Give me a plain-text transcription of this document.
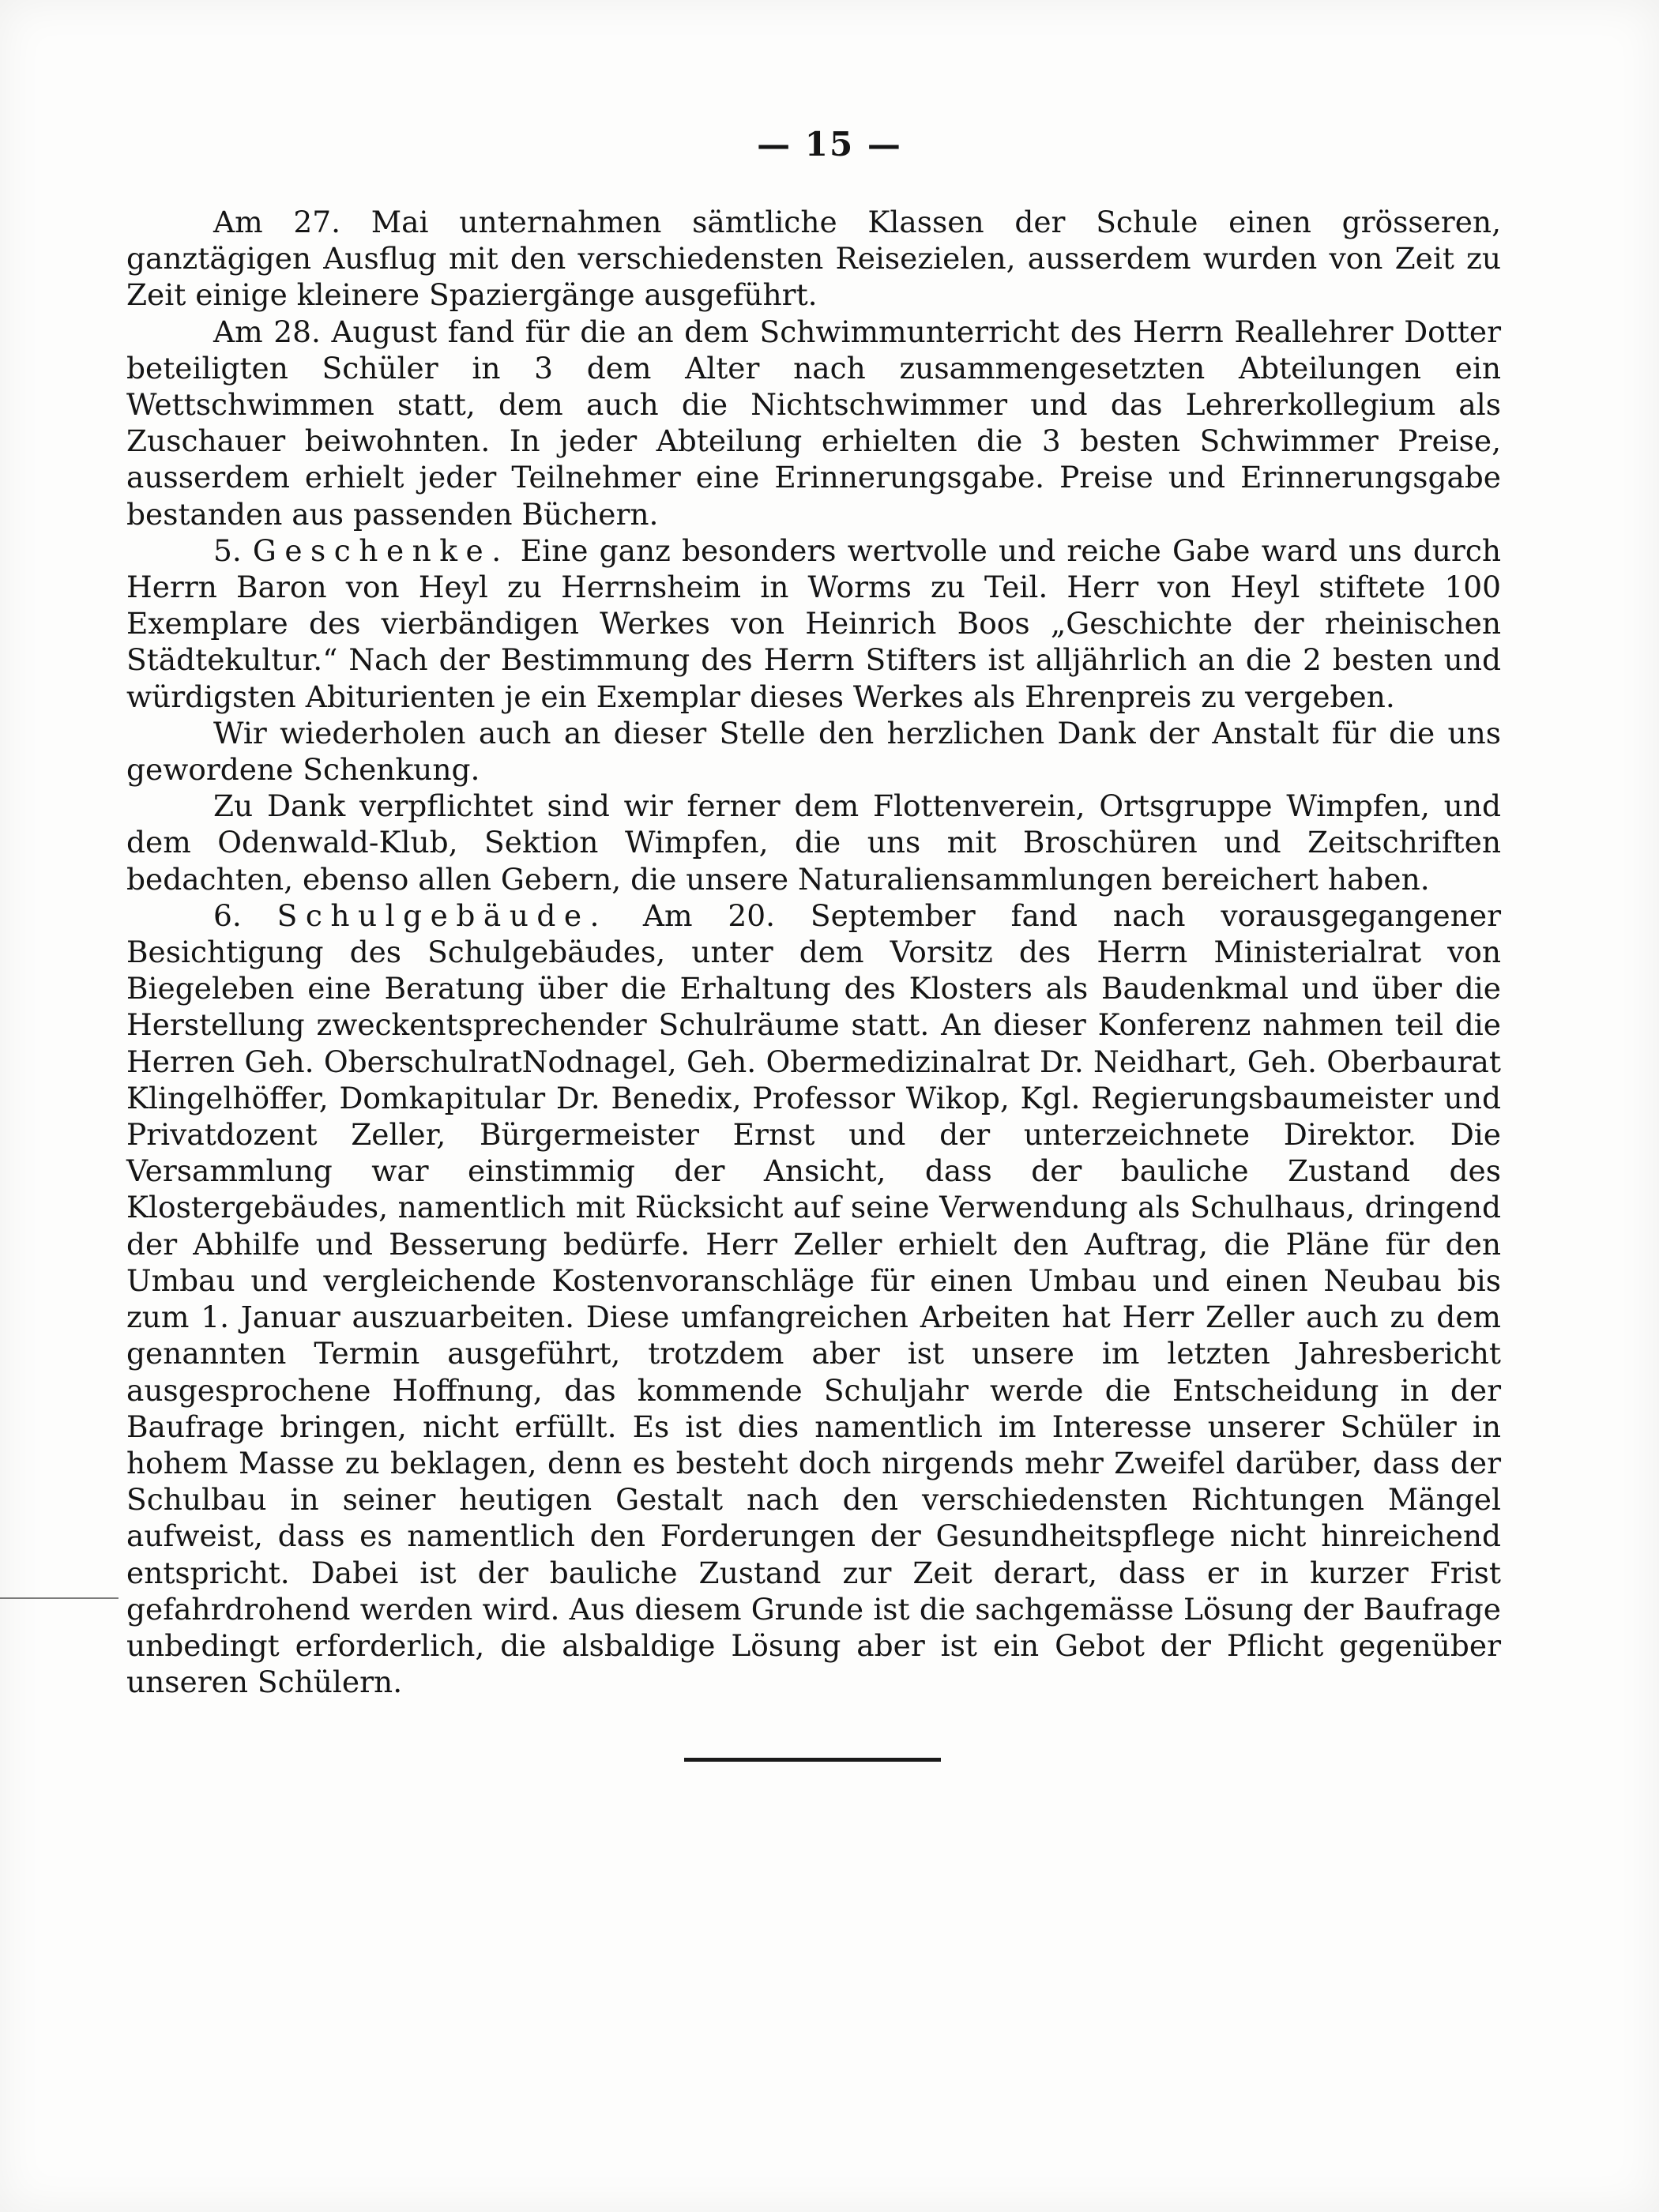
— 15 —

Am 27. Mai unternahmen sämtliche Klassen der Schule einen grösseren, ganztägigen Ausflug mit den verschiedensten Reisezielen, ausserdem wurden von Zeit zu Zeit einige kleinere Spaziergänge ausgeführt.

Am 28. August fand für die an dem Schwimmunterricht des Herrn Reallehrer Dotter beteiligten Schüler in 3 dem Alter nach zusammengesetzten Abteilungen ein Wettschwimmen statt, dem auch die Nichtschwimmer und das Lehrerkollegium als Zuschauer beiwohnten. In jeder Abteilung erhielten die 3 besten Schwimmer Preise, ausserdem erhielt jeder Teilnehmer eine Erinnerungsgabe. Preise und Erinnerungsgabe bestanden aus passenden Büchern.

5. Geschenke. Eine ganz besonders wertvolle und reiche Gabe ward uns durch Herrn Baron von Heyl zu Herrnsheim in Worms zu Teil. Herr von Heyl stiftete 100 Exemplare des vierbändigen Werkes von Heinrich Boos „Geschichte der rheinischen Städtekultur.“ Nach der Bestimmung des Herrn Stifters ist alljährlich an die 2 besten und würdigsten Abiturienten je ein Exemplar dieses Werkes als Ehrenpreis zu vergeben.

Wir wiederholen auch an dieser Stelle den herzlichen Dank der Anstalt für die uns gewordene Schenkung.

Zu Dank verpflichtet sind wir ferner dem Flottenverein, Ortsgruppe Wimpfen, und dem Odenwald-Klub, Sektion Wimpfen, die uns mit Broschüren und Zeitschriften bedachten, ebenso allen Gebern, die unsere Naturaliensammlungen bereichert haben.

6. Schulgebäude. Am 20. September fand nach vorausgegangener Besichtigung des Schulgebäudes, unter dem Vorsitz des Herrn Ministerialrat von Biegeleben eine Beratung über die Erhaltung des Klosters als Baudenkmal und über die Herstellung zweckentsprechender Schulräume statt. An dieser Konferenz nahmen teil die Herren Geh. OberschulratNodnagel, Geh. Obermedizinalrat Dr. Neidhart, Geh. Oberbaurat Klingelhöffer, Domkapitular Dr. Benedix, Professor Wikop, Kgl. Regierungsbaumeister und Privatdozent Zeller, Bürgermeister Ernst und der unterzeichnete Direktor. Die Versammlung war einstimmig der Ansicht, dass der bauliche Zustand des Klostergebäudes, namentlich mit Rücksicht auf seine Verwendung als Schulhaus, dringend der Abhilfe und Besserung bedürfe. Herr Zeller erhielt den Auftrag, die Pläne für den Umbau und vergleichende Kostenvoranschläge für einen Umbau und einen Neubau bis zum 1. Januar auszuarbeiten. Diese umfangreichen Arbeiten hat Herr Zeller auch zu dem genannten Termin ausgeführt, trotzdem aber ist unsere im letzten Jahresbericht ausgesprochene Hoffnung, das kommende Schuljahr werde die Entscheidung in der Baufrage bringen, nicht erfüllt. Es ist dies namentlich im Interesse unserer Schüler in hohem Masse zu beklagen, denn es besteht doch nirgends mehr Zweifel darüber, dass der Schulbau in seiner heutigen Gestalt nach den verschiedensten Richtungen Mängel aufweist, dass es namentlich den Forderungen der Gesundheitspflege nicht hinreichend entspricht. Dabei ist der bauliche Zustand zur Zeit derart, dass er in kurzer Frist gefahrdrohend werden wird. Aus diesem Grunde ist die sachgemässe Lösung der Baufrage unbedingt erforderlich, die alsbaldige Lösung aber ist ein Gebot der Pflicht gegenüber unseren Schülern.
